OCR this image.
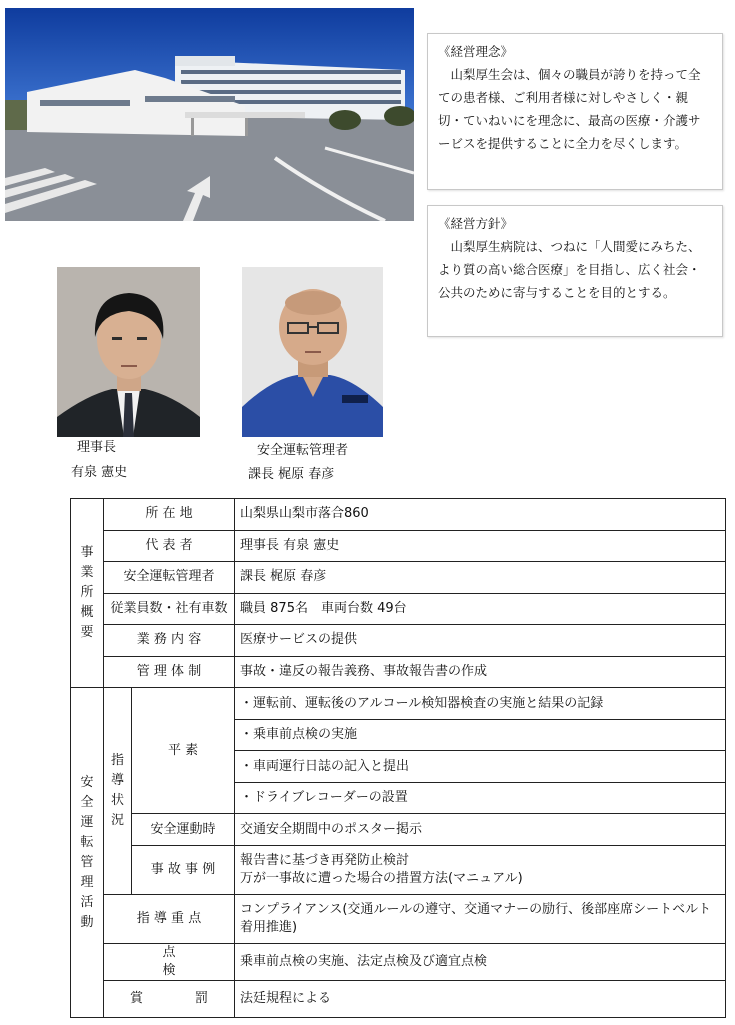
《経営理念》
山梨厚生会は、個々の職員が誇りを持って全ての患者様、ご利用者様に対しやさしく・親切・ていねいにを理念に、最高の医療・介護サービスを提供することに全力を尽くします。
《経営方針》
山梨厚生病院は、つねに「人間愛にみちた、より質の高い総合医療」を目指し、広く社会・公共のために寄与することを目的とする。
理事長
有泉 憲史
安全運転管理者
課長 梶原 春彦
事業所概要	所 在 地		山梨県山梨市落合860
	代 表 者		理事長 有泉 憲史
	安全運転管理者		課長 梶原 春彦
	従業員数・社有車数		職員 875名　車両台数 49台
	業 務 内 容		医療サービスの提供
	管 理 体 制		事故・違反の報告義務、事故報告書の作成
安全運転管理活動	指導状況	平 素	・運転前、運転後のアルコール検知器検査の実施と結果の記録
			・乗車前点検の実施
			・車両運行日誌の記入と提出
			・ドライブレコーダーの設置
		安全運動時	交通安全期間中のポスター掲示
		事 故 事 例	報告書に基づき再発防止検討
万が一事故に遭った場合の措置方法(マニュアル)

	指 導 重 点		コンプライアンス(交通ルールの遵守、交通マナーの励行、後部座席シートベルト着用推進)
	点　　　　　　　　検		乗車前点検の実施、法定点検及び適宜点検
	賞　　　　罰		法廷規程による
